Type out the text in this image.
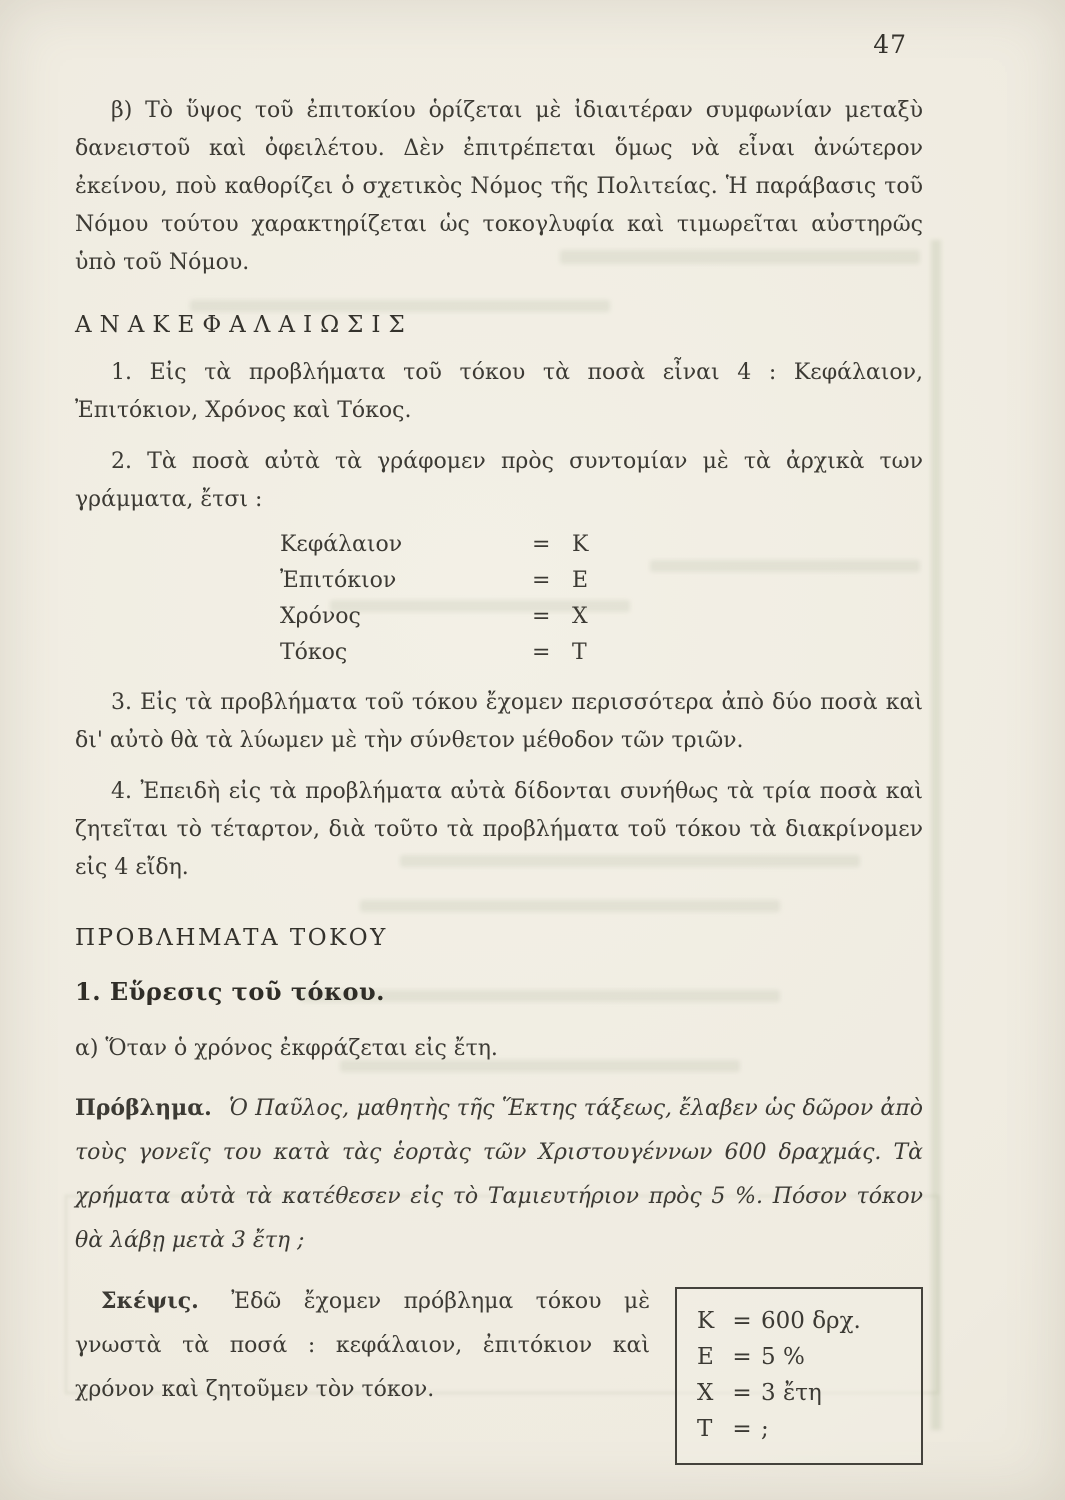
47

β) Τὸ ὕψος τοῦ ἐπιτοκίου ὁρίζεται μὲ ἰδιαιτέραν συμφωνίαν μεταξὺ δανειστοῦ καὶ ὀφειλέτου. Δὲν ἐπιτρέπεται ὅμως νὰ εἶναι ἀνώτερον ἐκείνου, ποὺ καθορίζει ὁ σχετικὸς Νόμος τῆς Πολιτείας. Ἡ παράβασις τοῦ Νόμου τούτου χαρακτηρίζεται ὡς τοκογλυφία καὶ τιμωρεῖται αὐστηρῶς ὑπὸ τοῦ Νόμου.

ΑΝΑΚΕΦΑΛΑΙΩΣΙΣ

1. Εἰς τὰ προβλήματα τοῦ τόκου τὰ ποσὰ εἶναι 4 : Κεφάλαιον, Ἐπιτόκιον, Χρόνος καὶ Τόκος.

2. Τὰ ποσὰ αὐτὰ τὰ γράφομεν πρὸς συντομίαν μὲ τὰ ἀρχικὰ των γράμματα, ἔτσι :

Κεφάλαιον	= Κ
Ἐπιτόκιον	= Ε
Χρόνος	= Χ
Τόκος	= Τ

3. Εἰς τὰ προβλήματα τοῦ τόκου ἔχομεν περισσότερα ἀπὸ δύο ποσὰ καὶ δι' αὐτὸ θὰ τὰ λύωμεν μὲ τὴν σύνθετον μέθοδον τῶν τριῶν.

4. Ἐπειδὴ εἰς τὰ προβλήματα αὐτὰ δίδονται συνήθως τὰ τρία ποσὰ καὶ ζητεῖται τὸ τέταρτον, διὰ τοῦτο τὰ προβλήματα τοῦ τόκου τὰ διακρίνομεν εἰς 4 εἴδη.

ΠΡΟΒΛΗΜΑΤΑ ΤΟΚΟΥ
1. Εὕρεσις τοῦ τόκου.

α) Ὅταν ὁ χρόνος ἐκφράζεται εἰς ἔτη.

Πρόβλημα. Ὁ Παῦλος, μαθητὴς τῆς Ἕκτης τάξεως, ἔλαβεν ὡς δῶρον ἀπὸ τοὺς γονεῖς του κατὰ τὰς ἑορτὰς τῶν Χριστουγέννων 600 δραχμάς. Τὰ χρήματα αὐτὰ τὰ κατέθεσεν εἰς τὸ Ταμιευτήριον πρὸς 5 %. Πόσον τόκον θὰ λάβῃ μετὰ 3 ἔτη ;

Σκέψις. Ἐδῶ ἔχομεν πρόβλημα τόκου μὲ γνωστὰ τὰ ποσά : κεφάλαιον, ἐπιτόκιον καὶ χρόνον καὶ ζητοῦμεν τὸν τόκον.

Κ = 600 δρχ.
Ε = 5 %
Χ = 3 ἔτη
Τ = ;
